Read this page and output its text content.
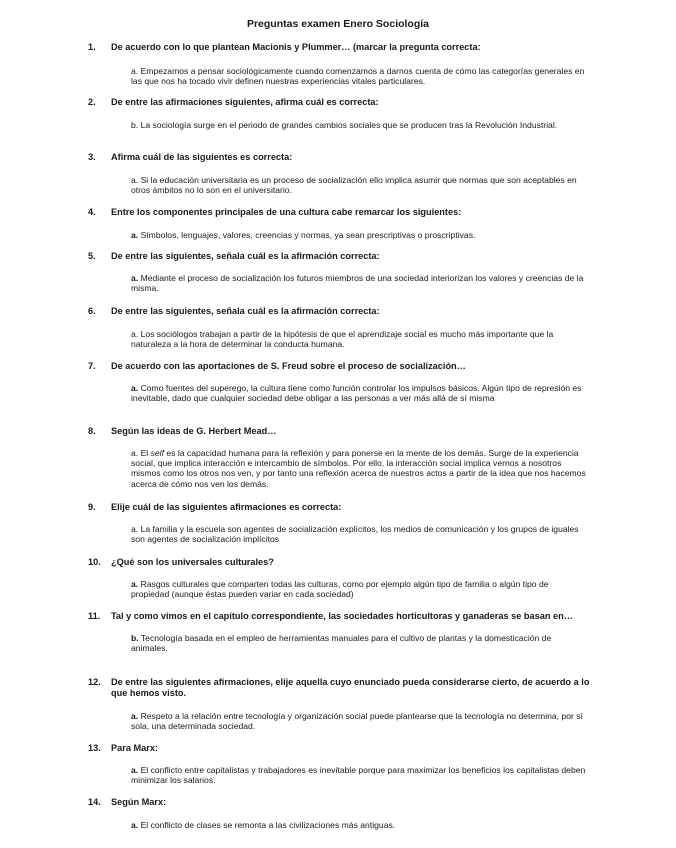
Preguntas examen Enero Sociología
1. De acuerdo con lo que plantean Macionis y Plummer… (marcar la pregunta correcta:
a. Empezamos a pensar sociológicamente cuando comenzamos a darnos cuenta de cómo las categorías generales en las que nos ha tocado vivir definen nuestras experiencias vitales particulares.
2. De entre las afirmaciones siguientes, afirma cuál es correcta:
b. La sociología surge en el periodo de grandes cambios sociales que se producen tras la Revolución Industrial.
3. Afirma cuál de las siguientes es correcta:
a. Si la educación universitaria es un proceso de socialización ello implica asumir que normas que son aceptables en otros ámbitos no lo son en el universitario.
4. Entre los componentes principales de una cultura cabe remarcar los siguientes:
a. Símbolos, lenguajes, valores, creencias y normas, ya sean prescriptivas o proscriptivas.
5. De entre las siguientes, señala cuál es la afirmación correcta:
a. Mediante el proceso de socialización los futuros miembros de una sociedad interiorizan los valores y creencias de la misma.
6. De entre las siguientes, señala cuál es la afirmación correcta:
a. Los sociólogos trabajan a partir de la hipótesis de que el aprendizaje social es mucho más importante que la naturaleza a la hora de determinar la conducta humana.
7. De acuerdo con las aportaciones de S. Freud sobre el proceso de socialización…
a. Como fuentes del superego, la cultura tiene como función controlar los impulsos básicos. Algún tipo de represión es inevitable, dado que cualquier sociedad debe obligar a las personas a ver más allá de sí misma
8. Según las ideas de G. Herbert Mead…
a. El self es la capacidad humana para la reflexión y para ponerse en la mente de los demás. Surge de la experiencia social, que implica interacción e intercambio de símbolos. Por ello, la interacción social implica vernos a nosotros mismos como los otros nos ven, y por tanto una reflexión acerca de nuestros actos a partir de la idea que nos hacemos acerca de cómo nos ven los demás.
9. Elije cuál de las siguientes afirmaciones es correcta:
a. La familia y la escuela son agentes de socialización explícitos, los medios de comunicación y los grupos de iguales son agentes de socialización implícitos
10. ¿Qué son los universales culturales?
a. Rasgos culturales que comparten todas las culturas, como por ejemplo algún tipo de familia o algún tipo de propiedad (aunque éstas pueden variar en cada sociedad)
11. Tal y como vimos en el capítulo correspondiente, las sociedades horticultoras y ganaderas se basan en…
b. Tecnología basada en el empleo de herramientas manuales para el cultivo de plantas y la domesticación de animales.
12. De entre las siguientes afirmaciones, elije aquella cuyo enunciado pueda considerarse cierto, de acuerdo a lo que hemos visto.
a. Respeto a la relación entre tecnología y organización social puede plantearse que la tecnología no determina, por sí sola, una determinada sociedad.
13. Para Marx:
a. El conflicto entre capitalistas y trabajadores es inevitable porque para maximizar los beneficios los capitalistas deben minimizar los salarios.
14. Según Marx:
a. El conflicto de clases se remonta a las civilizaciones más antiguas.
